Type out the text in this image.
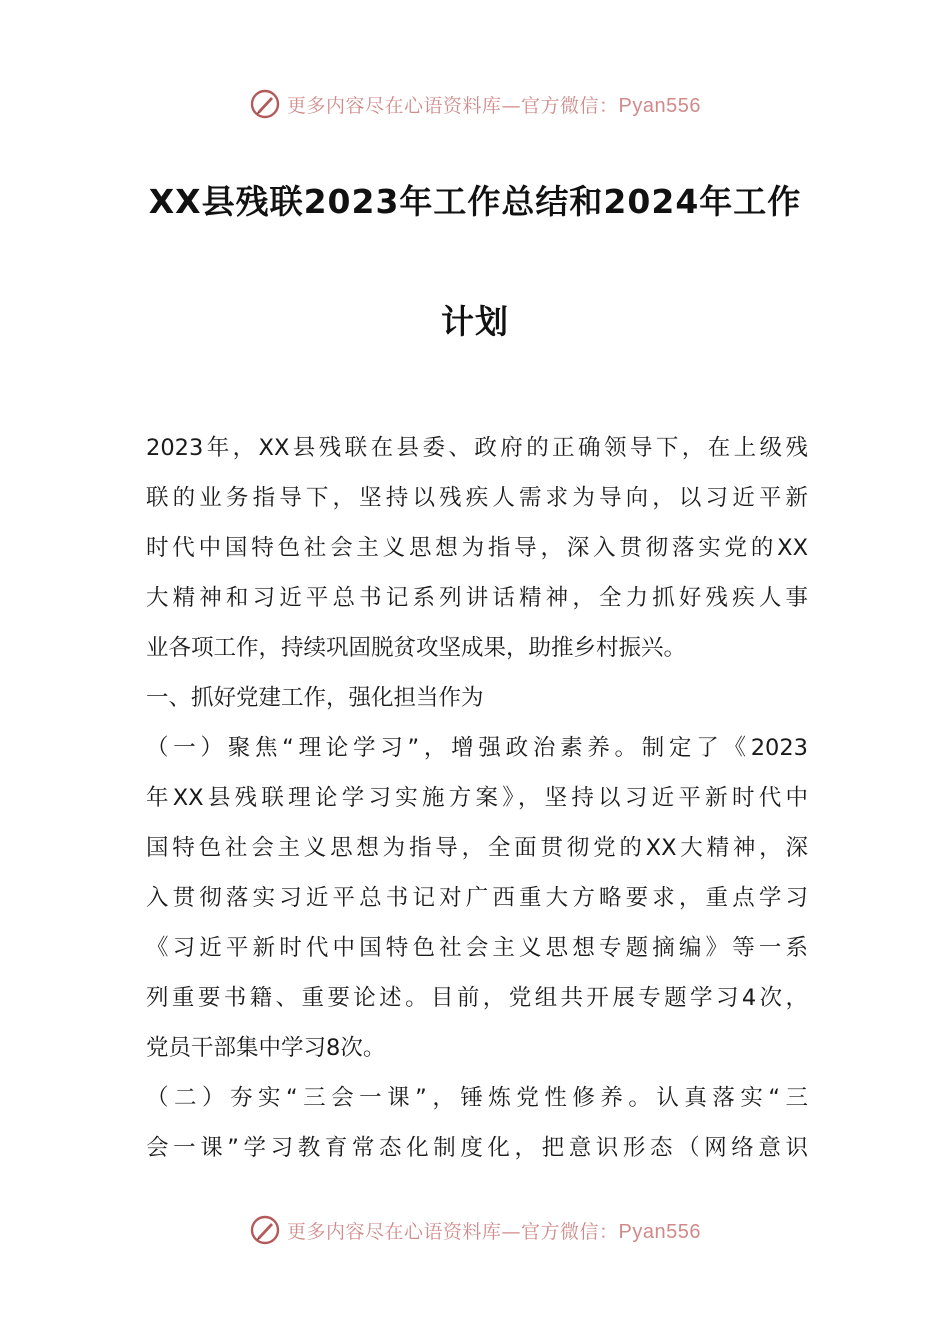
更多内容尽在心语资料库—官方微信：Pyan556
XX县残联2023年工作总结和2024年工作
计划
2023年，XX县残联在县委、政府的正确领导下，在上级残
联的业务指导下，坚持以残疾人需求为导向，以习近平新
时代中国特色社会主义思想为指导，深入贯彻落实党的XX
大精神和习近平总书记系列讲话精神，全力抓好残疾人事
业各项工作，持续巩固脱贫攻坚成果，助推乡村振兴。
一、抓好党建工作，强化担当作为
（一）聚焦“理论学习”，增强政治素养。制定了《2023
年XX县残联理论学习实施方案》，坚持以习近平新时代中
国特色社会主义思想为指导，全面贯彻党的XX大精神，深
入贯彻落实习近平总书记对广西重大方略要求，重点学习
《习近平新时代中国特色社会主义思想专题摘编》等一系
列重要书籍、重要论述。目前，党组共开展专题学习4次，
党员干部集中学习8次。
（二）夯实“三会一课”，锤炼党性修养。认真落实“三
会一课”学习教育常态化制度化，把意识形态（网络意识
更多内容尽在心语资料库—官方微信：Pyan556
